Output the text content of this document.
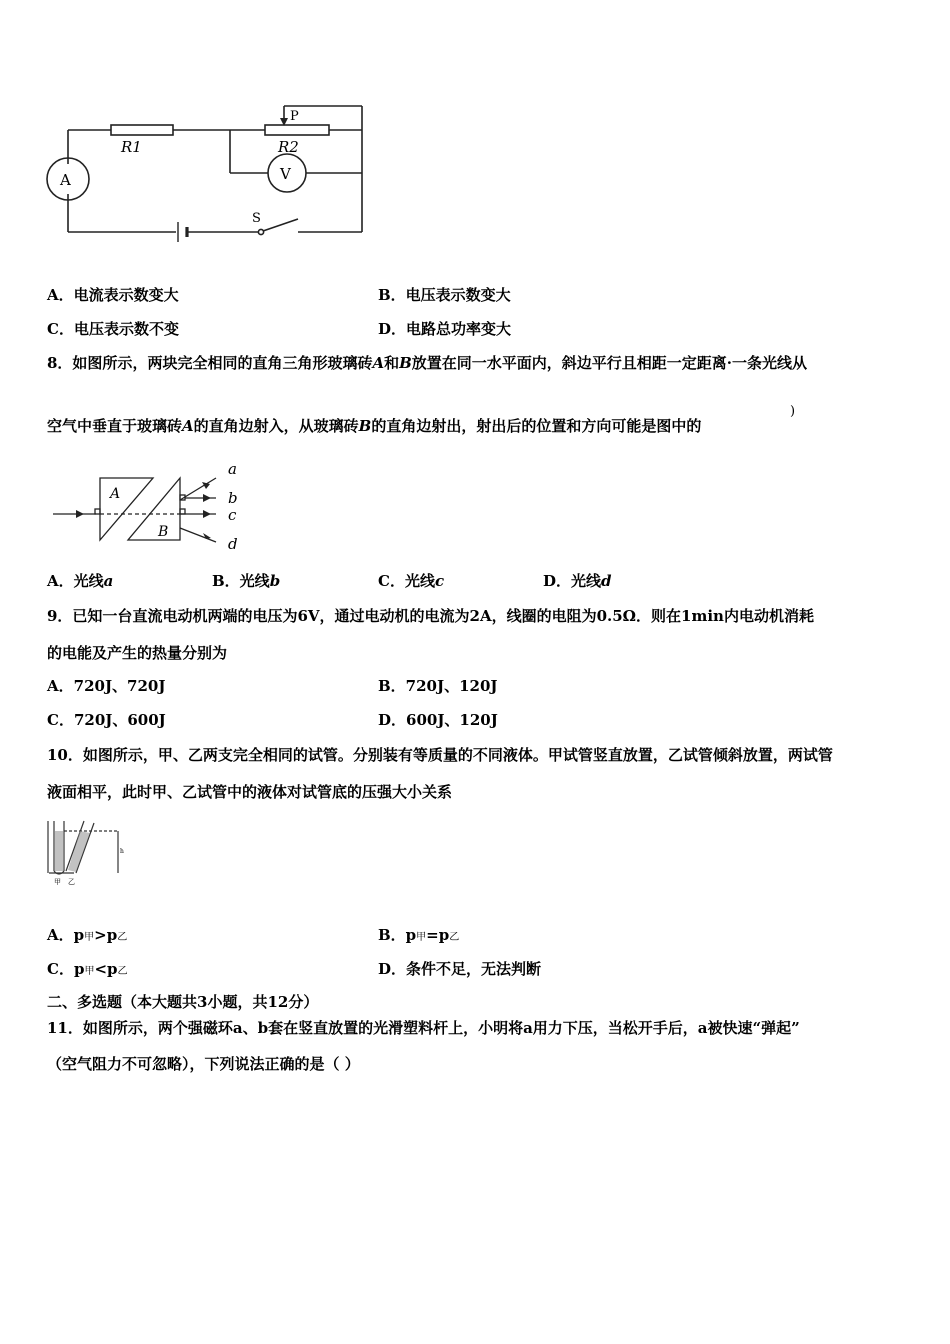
P
R1	R2
V
A
S
A．电流表示数变大	B．电压表示数变大
C．电压表示数不变	D．电路总功率变大
8．如图所示，两块完全相同的直角三角形玻璃砖A和B放置在同一水平面内，斜边平行且相距一定距离·一条光线从
空气中垂直于玻璃砖A的直角边射入，从玻璃砖B的直角边射出，射出后的位置和方向可能是图中的
)
A
B
a
b
c
d
A．光线a	B．光线b	C．光线c	D．光线d
9．已知一台直流电动机两端的电压为6V，通过电动机的电流为2A，线圈的电阻为0.5Ω．则在1min内电动机消耗
的电能及产生的热量分别为
A．720J、720J	B．720J、120J
C．720J、600J	D．600J、120J
10．如图所示，甲、乙两支完全相同的试管。分别装有等质量的不同液体。甲试管竖直放置，乙试管倾斜放置，两试管
液面相平，此时甲、乙试管中的液体对试管底的压强大小关系
h
甲 乙
A．p甲>p乙	B．p甲=p乙
C．p甲<p乙	D．条件不足，无法判断
二、多选题（本大题共3小题，共12分）
11．如图所示，两个强磁环a、b套在竖直放置的光滑塑料杆上，小明将a用力下压，当松开手后，a被快速“弹起”
（空气阻力不可忽略），下列说法正确的是（ ）
